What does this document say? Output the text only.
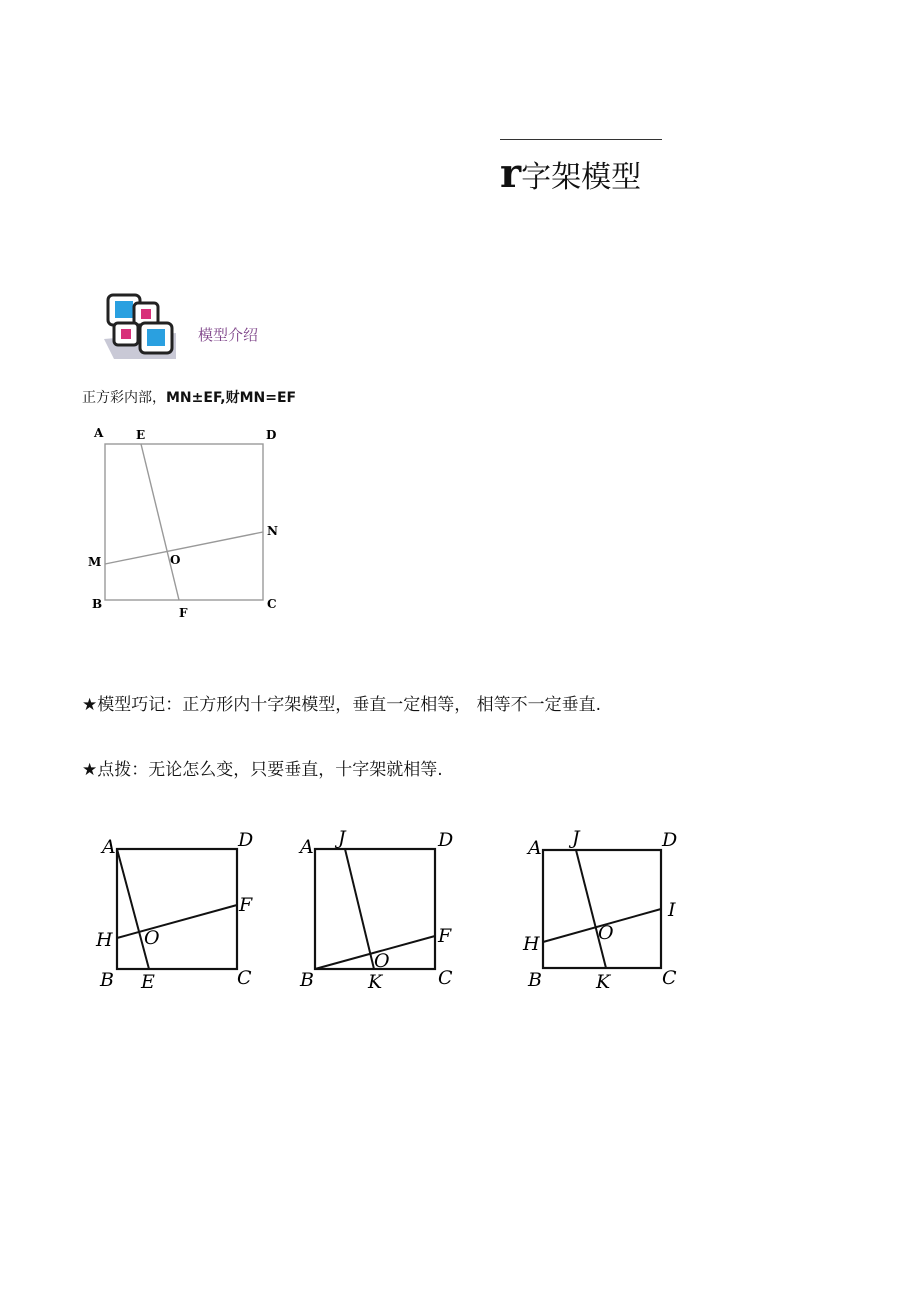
r字架模型
模型介绍
正方彩内部，MN±EF,财MN=EF
A	E	D
N
M	O
B
F
C
★模型巧记：正方形内十字架模型，垂直一定相等， 相等不一定垂直.
★点拨：无论怎么变，只要垂直，十字架就相等.
A	D
F
H O
B E	C
A J	D
F
O
B	K	C
A J	D
I
H	O
B	K	C
